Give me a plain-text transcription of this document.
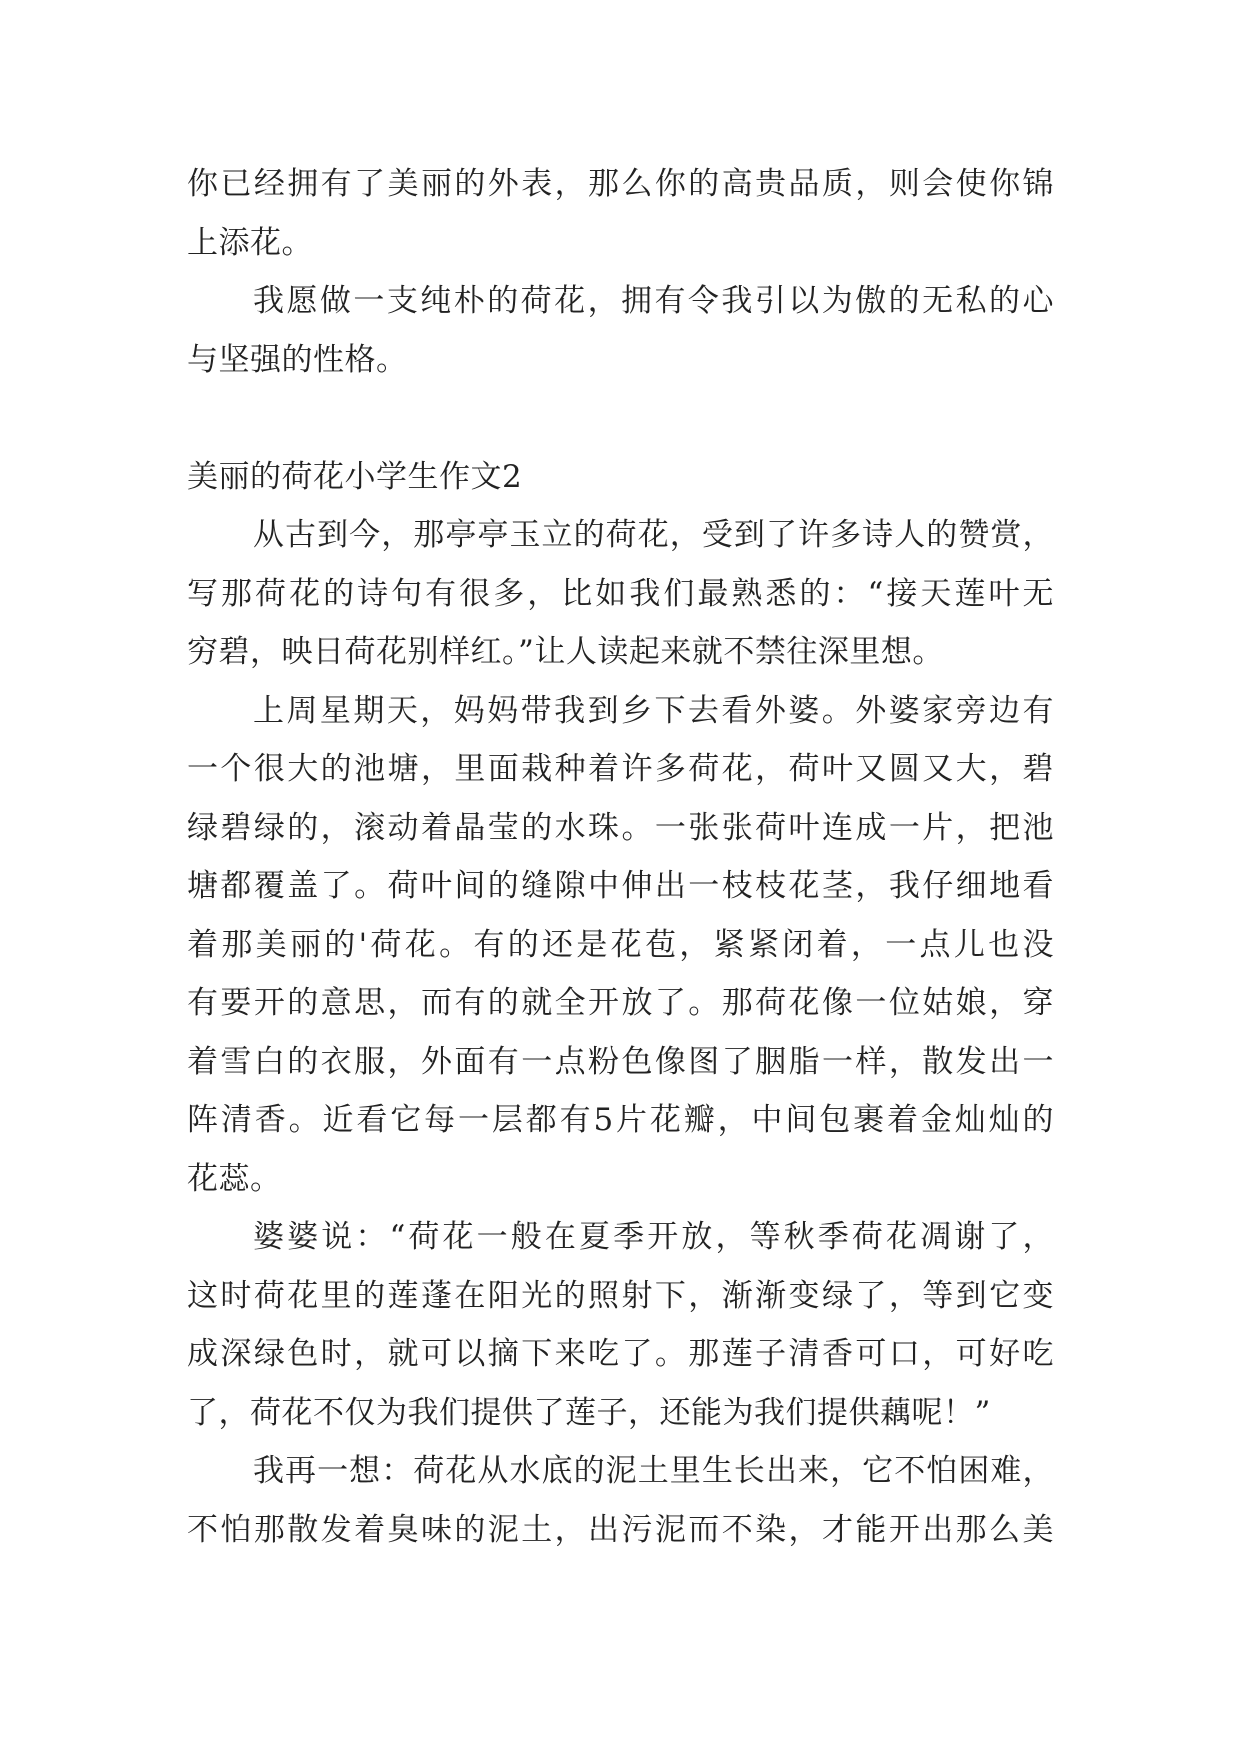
你已经拥有了美丽的外表，那么你的高贵品质，则会使你锦
上添花。
我愿做一支纯朴的荷花，拥有令我引以为傲的无私的心
与坚强的性格。
美丽的荷花小学生作文2
从古到今，那亭亭玉立的荷花，受到了许多诗人的赞赏，
写那荷花的诗句有很多，比如我们最熟悉的：“接天莲叶无
穷碧，映日荷花别样红。”让人读起来就不禁往深里想。
上周星期天，妈妈带我到乡下去看外婆。外婆家旁边有
一个很大的池塘，里面栽种着许多荷花，荷叶又圆又大，碧
绿碧绿的，滚动着晶莹的水珠。一张张荷叶连成一片，把池
塘都覆盖了。荷叶间的缝隙中伸出一枝枝花茎，我仔细地看
着那美丽的'荷花。有的还是花苞，紧紧闭着，一点儿也没
有要开的意思，而有的就全开放了。那荷花像一位姑娘，穿
着雪白的衣服，外面有一点粉色像图了胭脂一样，散发出一
阵清香。近看它每一层都有5片花瓣，中间包裹着金灿灿的
花蕊。
婆婆说：“荷花一般在夏季开放，等秋季荷花凋谢了，
这时荷花里的莲蓬在阳光的照射下，渐渐变绿了，等到它变
成深绿色时，就可以摘下来吃了。那莲子清香可口，可好吃
了，荷花不仅为我们提供了莲子，还能为我们提供藕呢！”
我再一想：荷花从水底的泥土里生长出来，它不怕困难，
不怕那散发着臭味的泥土，出污泥而不染，才能开出那么美
